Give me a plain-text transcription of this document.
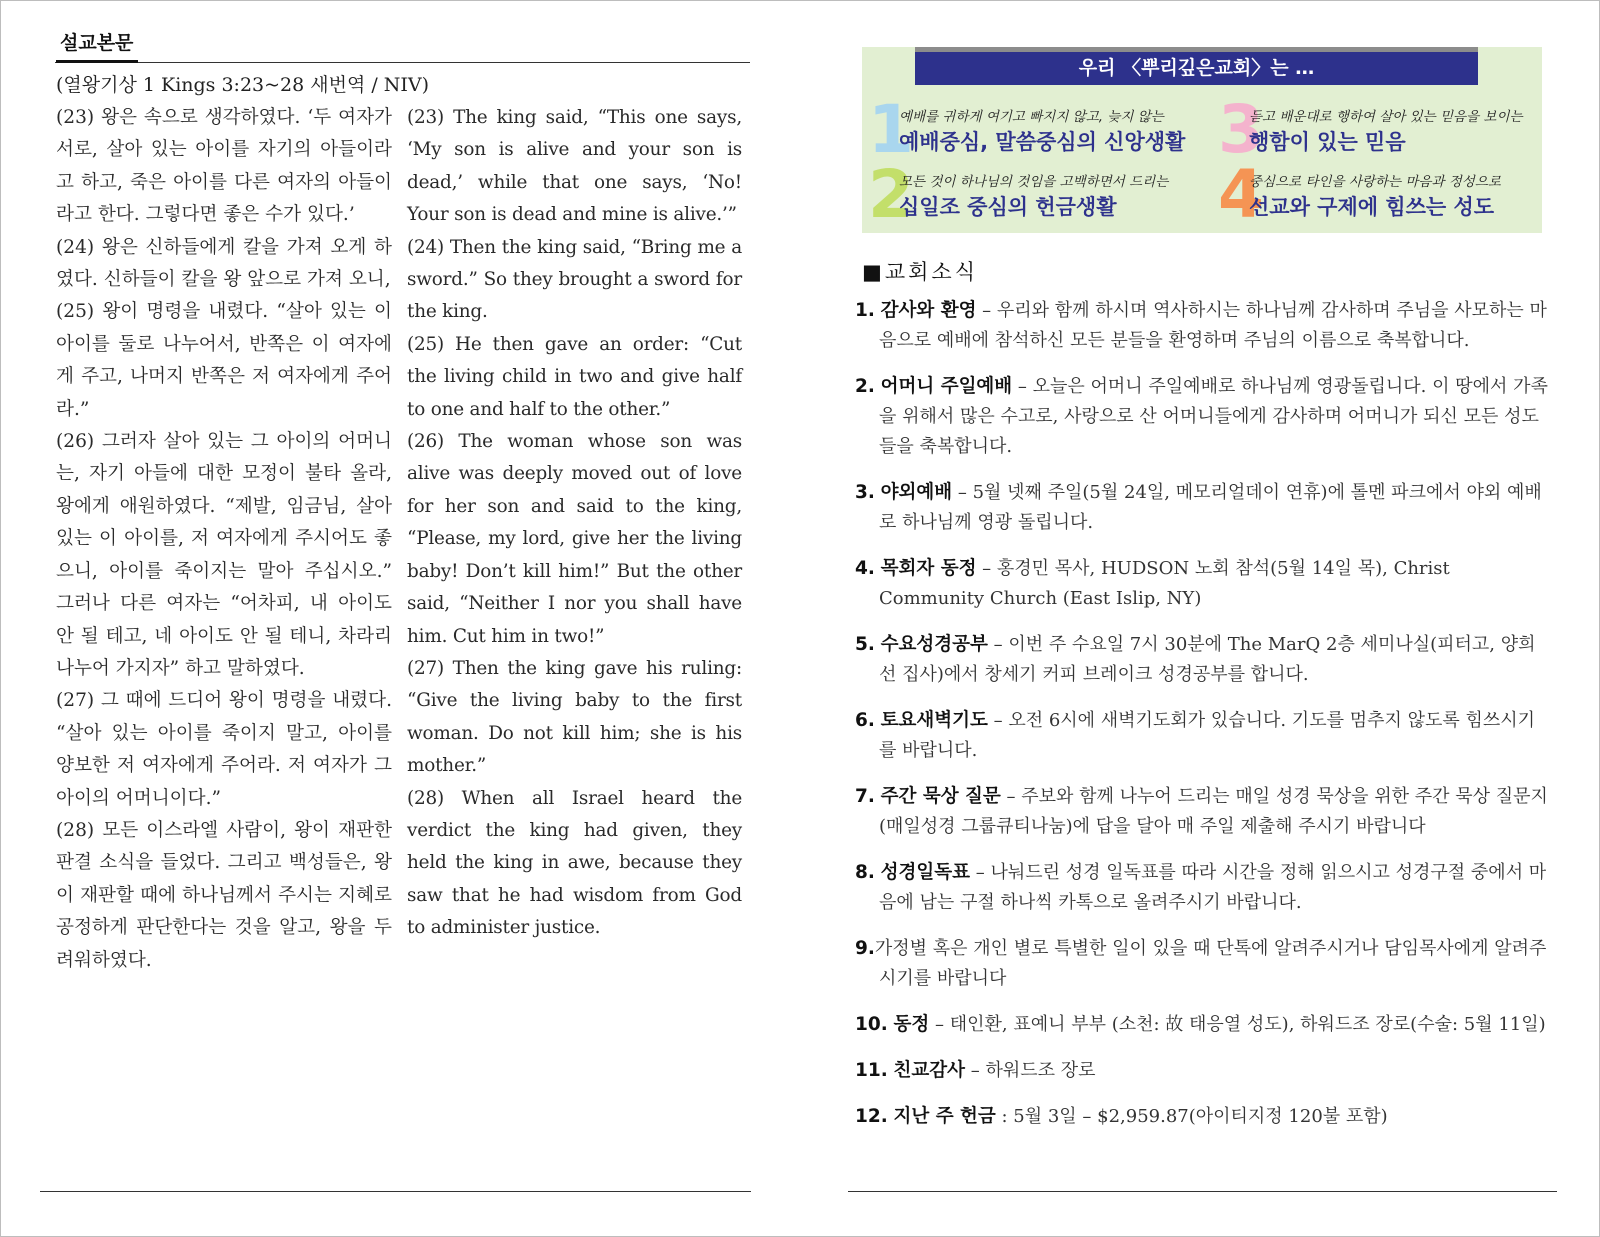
설교본문
(열왕기상 1 Kings 3:23~28 새번역 / NIV)

(23) 왕은 속으로 생각하였다. ‘두 여자가 서로, 살아 있는 아이를 자기의 아들이라고 하고, 죽은 아이를 다른 여자의 아들이라고 한다. 그렇다면 좋은 수가 있다.’

(24) 왕은 신하들에게 칼을 가져 오게 하였다. 신하들이 칼을 왕 앞으로 가져 오니,

(25) 왕이 명령을 내렸다. “살아 있는 이 아이를 둘로 나누어서, 반쪽은 이 여자에게 주고, 나머지 반쪽은 저 여자에게 주어라.”

(26) 그러자 살아 있는 그 아이의 어머니는, 자기 아들에 대한 모정이 불타 올라, 왕에게 애원하였다. “제발, 임금님, 살아 있는 이 아이를, 저 여자에게 주시어도 좋으니, 아이를 죽이지는 말아 주십시오.” 그러나 다른 여자는 “어차피, 내 아이도 안 될 테고, 네 아이도 안 될 테니, 차라리 나누어 가지자” 하고 말하였다.

(27) 그 때에 드디어 왕이 명령을 내렸다. “살아 있는 아이를 죽이지 말고, 아이를 양보한 저 여자에게 주어라. 저 여자가 그 아이의 어머니이다.”

(28) 모든 이스라엘 사람이, 왕이 재판한 판결 소식을 들었다. 그리고 백성들은, 왕이 재판할 때에 하나님께서 주시는 지혜로 공정하게 판단한다는 것을 알고, 왕을 두려워하였다.

(23) The king said, “This one says, ‘My son is alive and your son is dead,’ while that one says, ‘No! Your son is dead and mine is alive.’”

(24) Then the king said, “Bring me a sword.” So they brought a sword for the king.

(25) He then gave an order: “Cut the living child in two and give half to one and half to the other.”

(26) The woman whose son was alive was deeply moved out of love for her son and said to the king, “Please, my lord, give her the living baby! Don’t kill him!” But the other said, “Neither I nor you shall have him. Cut him in two!”

(27) Then the king gave his ruling: “Give the living baby to the first woman. Do not kill him; she is his mother.”

(28) When all Israel heard the verdict the king had given, they held the king in awe, because they saw that he had wisdom from God to administer justice.

우리 〈뿌리깊은교회〉는 …
1
예배를 귀하게 여기고 빠지지 않고, 늦지 않는
예배중심, 말씀중심의 신앙생활
2
모든 것이 하나님의 것임을 고백하면서 드리는
십일조 중심의 헌금생활
3
듣고 배운대로 행하여 살아 있는 믿음을 보이는
행함이 있는 믿음
4
중심으로 타인을 사랑하는 마음과 정성으로
선교와 구제에 힘쓰는 성도
■교회소식
1. 감사와 환영 – 우리와 함께 하시며 역사하시는 하나님께 감사하며 주님을 사모하는 마음으로 예배에 참석하신 모든 분들을 환영하며 주님의 이름으로 축복합니다.
2. 어머니 주일예배 – 오늘은 어머니 주일예배로 하나님께 영광돌립니다. 이 땅에서 가족을 위해서 많은 수고로, 사랑으로 산 어머니들에게 감사하며 어머니가 되신 모든 성도들을 축복합니다.
3. 야외예배 – 5월 넷째 주일(5월 24일, 메모리얼데이 연휴)에 톨멘 파크에서 야외 예배로 하나님께 영광 돌립니다.
4. 목회자 동정 – 홍경민 목사, HUDSON 노회 참석(5월 14일 목), Christ Community Church (East Islip, NY)
5. 수요성경공부 – 이번 주 수요일 7시 30분에 The MarQ 2층 세미나실(피터고, 양희선 집사)에서 창세기 커피 브레이크 성경공부를 합니다.
6. 토요새벽기도 – 오전 6시에 새벽기도회가 있습니다. 기도를 멈추지 않도록 힘쓰시기를 바랍니다.
7. 주간 묵상 질문 – 주보와 함께 나누어 드리는 매일 성경 묵상을 위한 주간 묵상 질문지(매일성경 그룹큐티나눔)에 답을 달아 매 주일 제출해 주시기 바랍니다
8. 성경일독표 – 나눠드린 성경 일독표를 따라 시간을 정해 읽으시고 성경구절 중에서 마음에 남는 구절 하나씩 카톡으로 올려주시기 바랍니다.
9.가정별 혹은 개인 별로 특별한 일이 있을 때 단톡에 알려주시거나 담임목사에게 알려주시기를 바랍니다
10. 동정 – 태인환, 표예니 부부 (소천: 故 태응열 성도), 하워드조 장로(수술: 5월 11일)
11. 친교감사 – 하워드조 장로
12. 지난 주 헌금 : 5월 3일 – $2,959.87(아이티지정 120불 포함)
